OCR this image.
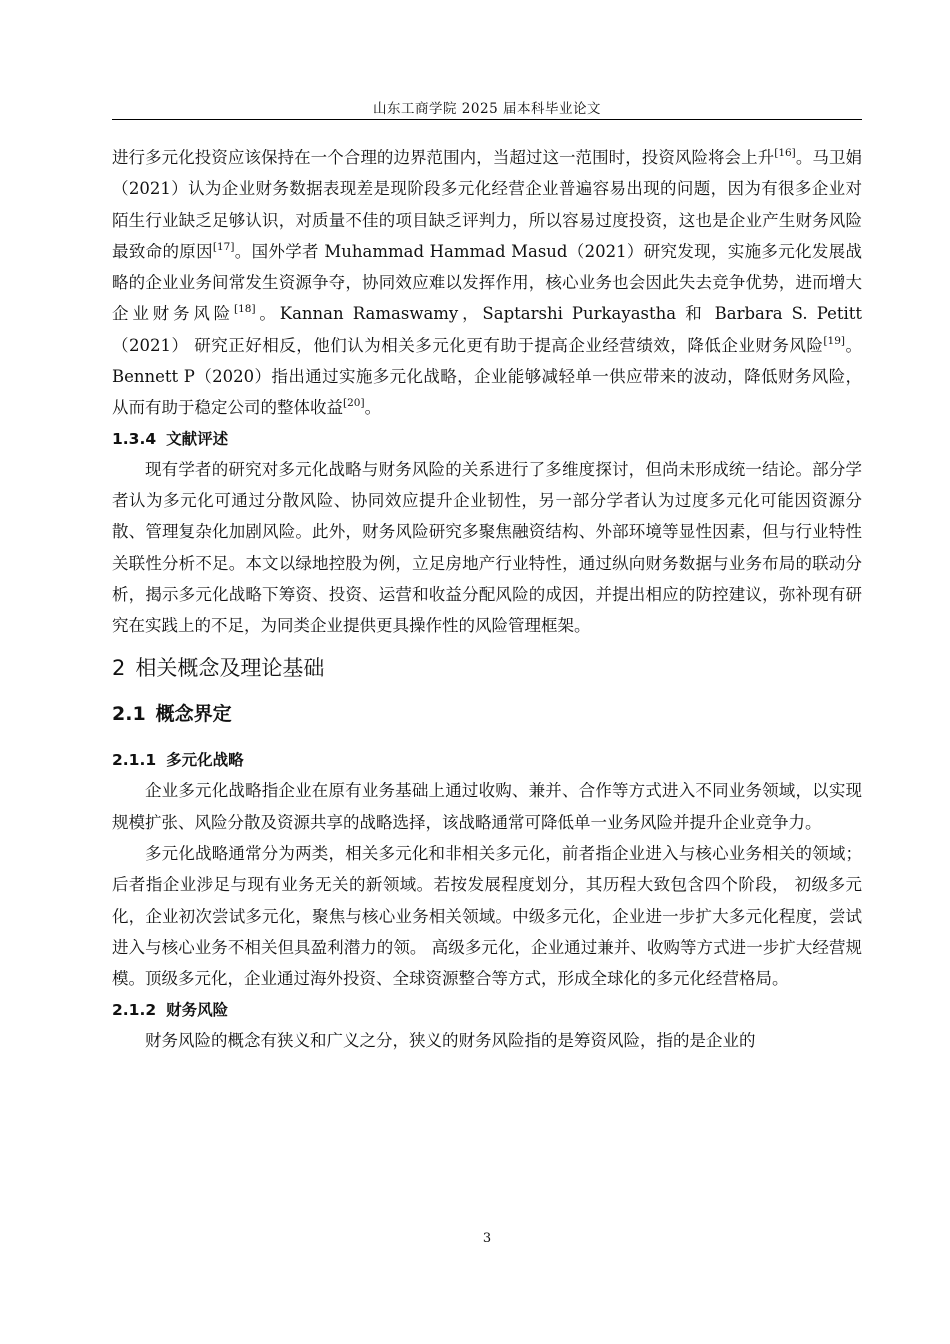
山东工商学院 2025 届本科毕业论文

进行多元化投资应该保持在一个合理的边界范围内，当超过这一范围时，投资风险将会上升[16]。马卫娟（2021）认为企业财务数据表现差是现阶段多元化经营企业普遍容易出现的问题，因为有很多企业对陌生行业缺乏足够认识，对质量不佳的项目缺乏评判力，所以容易过度投资，这也是企业产生财务风险最致命的原因[17]。国外学者 Muhammad Hammad Masud（2021）研究发现，实施多元化发展战略的企业业务间常发生资源争夺，协同效应难以发挥作用，核心业务也会因此失去竞争优势，进而增大企业财务风险[18]。Kannan Ramaswamy，Saptarshi Purkayastha 和 Barbara S. Petitt（2021） 研究正好相反，他们认为相关多元化更有助于提高企业经营绩效，降低企业财务风险[19]。Bennett P（2020）指出通过实施多元化战略，企业能够减轻单一供应带来的波动，降低财务风险，从而有助于稳定公司的整体收益[20]。

1.3.4 文献评述

现有学者的研究对多元化战略与财务风险的关系进行了多维度探讨，但尚未形成统一结论。部分学者认为多元化可通过分散风险、协同效应提升企业韧性，另一部分学者认为过度多元化可能因资源分散、管理复杂化加剧风险。此外，财务风险研究多聚焦融资结构、外部环境等显性因素，但与行业特性关联性分析不足。本文以绿地控股为例，立足房地产行业特性，通过纵向财务数据与业务布局的联动分析，揭示多元化战略下筹资、投资、运营和收益分配风险的成因，并提出相应的防控建议，弥补现有研究在实践上的不足，为同类企业提供更具操作性的风险管理框架。

2 相关概念及理论基础
2.1 概念界定
2.1.1 多元化战略

企业多元化战略指企业在原有业务基础上通过收购、兼并、合作等方式进入不同业务领域，以实现规模扩张、风险分散及资源共享的战略选择，该战略通常可降低单一业务风险并提升企业竞争力。

多元化战略通常分为两类，相关多元化和非相关多元化，前者指企业进入与核心业务相关的领域；后者指企业涉足与现有业务无关的新领域。若按发展程度划分，其历程大致包含四个阶段， 初级多元化，企业初次尝试多元化，聚焦与核心业务相关领域。中级多元化，企业进一步扩大多元化程度，尝试进入与核心业务不相关但具盈利潜力的领。 高级多元化，企业通过兼并、收购等方式进一步扩大经营规模。顶级多元化，企业通过海外投资、全球资源整合等方式，形成全球化的多元化经营格局。

2.1.2 财务风险

财务风险的概念有狭义和广义之分，狭义的财务风险指的是筹资风险，指的是企业的

3
